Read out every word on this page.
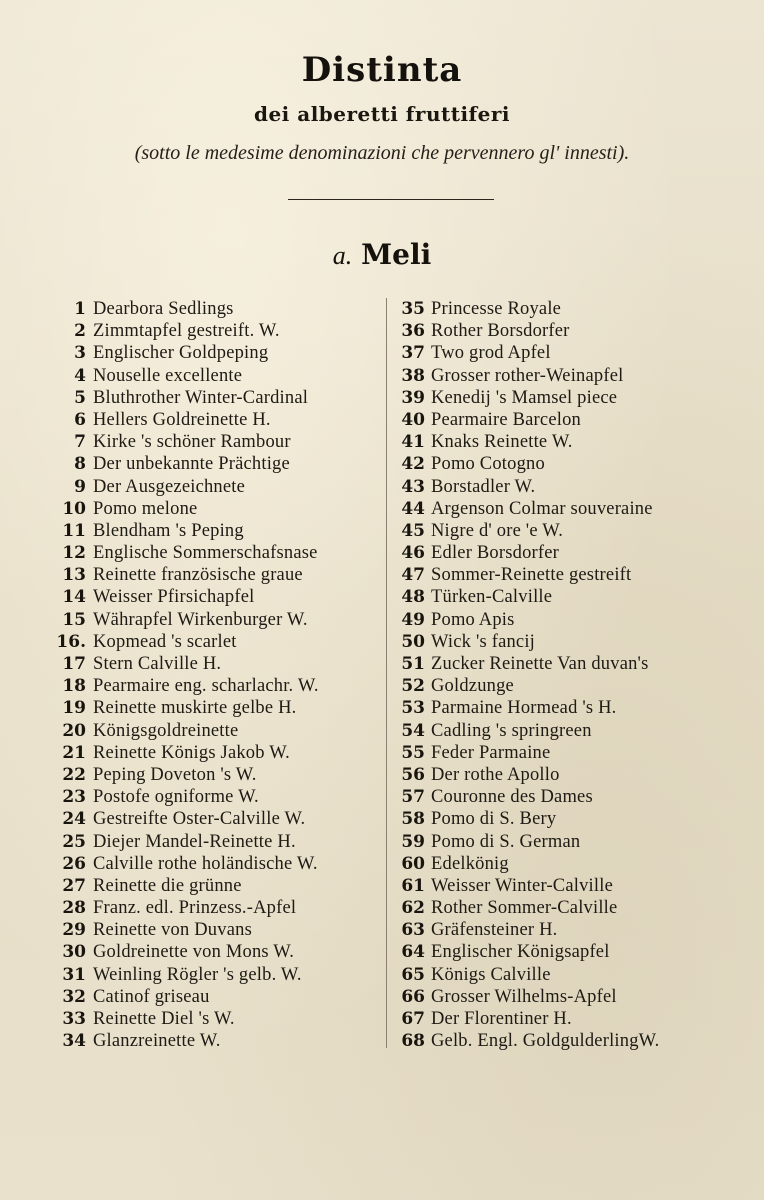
Distinta
dei alberetti fruttiferi
(sotto le medesime denominazioni che pervennero gl' innesti).
a. Meli
1 Dearbora Sedlings
2 Zimmtapfel gestreift. W.
3 Englischer Goldpeping
4 Nouselle excellente
5 Bluthrother Winter-Cardinal
6 Hellers Goldreinette H.
7 Kirke 's schöner Rambour
8 Der unbekannte Prächtige
9 Der Ausgezeichnete
10 Pomo melone
11 Blendham 's Peping
12 Englische Sommerschafsnase
13 Reinette französische graue
14 Weisser Pfirsichapfel
15 Währapfel Wirkenburger W.
16. Kopmead 's scarlet
17 Stern Calville H.
18 Pearmaire eng. scharlachr. W.
19 Reinette muskirte gelbe H.
20 Königsgoldreinette
21 Reinette Königs Jakob W.
22 Peping Doveton 's W.
23 Postofe ogniforme W.
24 Gestreifte Oster-Calville W.
25 Diejer Mandel-Reinette H.
26 Calville rothe holändische W.
27 Reinette die grünne
28 Franz. edl. Prinzess.-Apfel
29 Reinette von Duvans
30 Goldreinette von Mons W.
31 Weinling Rögler 's gelb. W.
32 Catinof griseau
33 Reinette Diel 's W.
34 Glanzreinette W.
35 Princesse Royale
36 Rother Borsdorfer
37 Two grod Apfel
38 Grosser rother-Weinapfel
39 Kenedij 's Mamsel piece
40 Pearmaire Barcelon
41 Knaks Reinette W.
42 Pomo Cotogno
43 Borstadler W.
44 Argenson Colmar souveraine
45 Nigre d' ore 'e W.
46 Edler Borsdorfer
47 Sommer-Reinette gestreift
48 Türken-Calville
49 Pomo Apis
50 Wick 's fancij
51 Zucker Reinette Van duvan's
52 Goldzunge
53 Parmaine Hormead 's H.
54 Cadling 's springreen
55 Feder Parmaine
56 Der rothe Apollo
57 Couronne des Dames
58 Pomo di S. Bery
59 Pomo di S. German
60 Edelkönig
61 Weisser Winter-Calville
62 Rother Sommer-Calville
63 Gräfensteiner H.
64 Englischer Königsapfel
65 Königs Calville
66 Grosser Wilhelms-Apfel
67 Der Florentiner H.
68 Gelb. Engl. GoldgulderlingW.
